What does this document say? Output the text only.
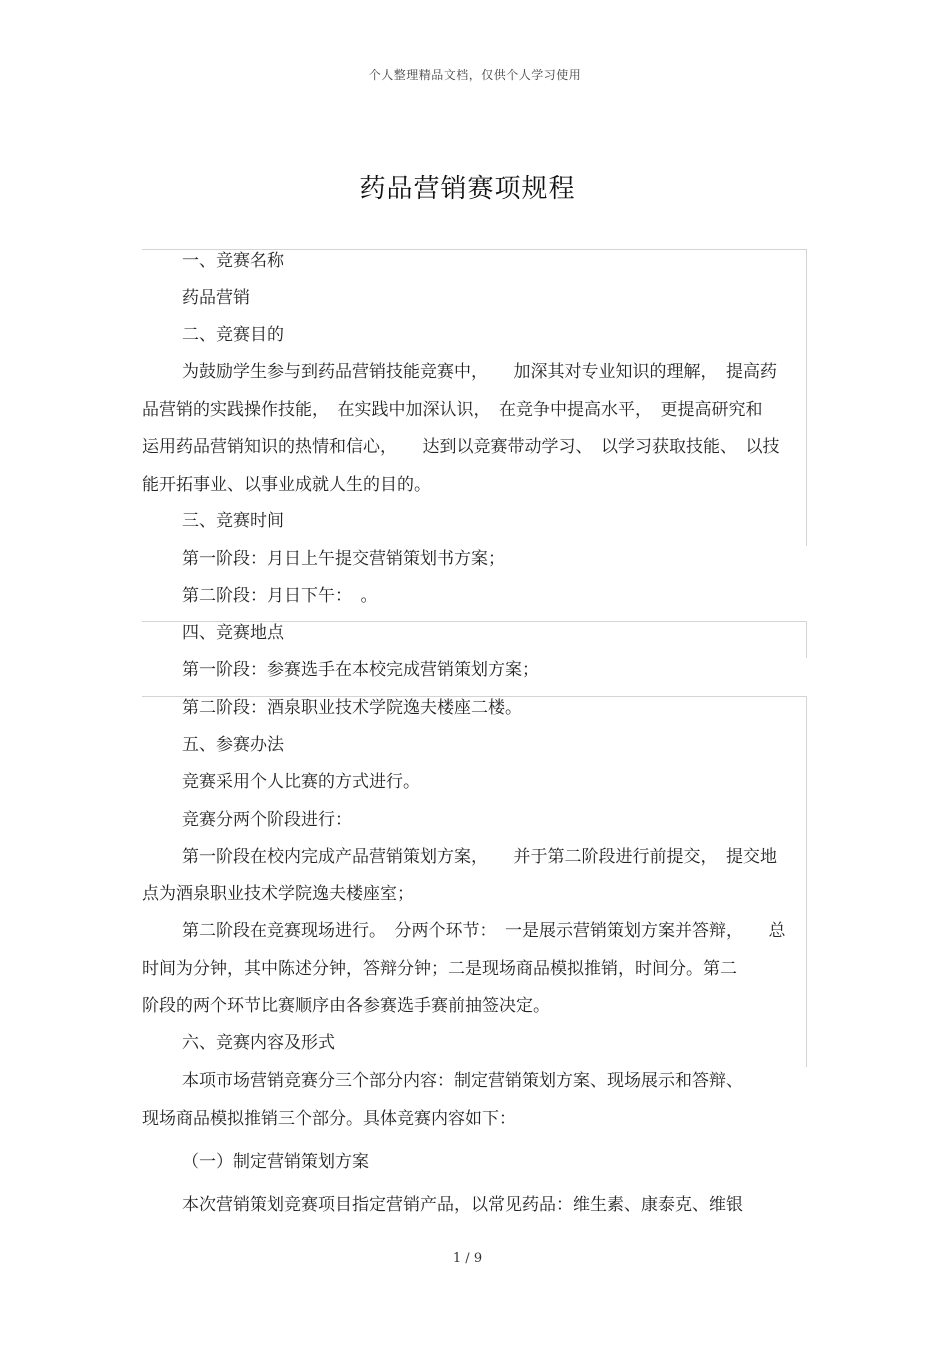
个人整理精品文档，仅供个人学习使用
药品营销赛项规程
一、竞赛名称
药品营销
二、竞赛目的
为鼓励学生参与到药品营销技能竞赛中，　　加深其对专业知识的理解，　提高药
品营销的实践操作技能，　在实践中加深认识，　在竞争中提高水平，　更提高研究和
运用药品营销知识的热情和信心，　　达到以竞赛带动学习、　以学习获取技能、　以技
能开拓事业、以事业成就人生的目的。
三、竞赛时间
第一阶段：月日上午提交营销策划书方案；
第二阶段：月日下午：　。
四、竞赛地点
第一阶段：参赛选手在本校完成营销策划方案；
第二阶段：酒泉职业技术学院逸夫楼座二楼。
五、参赛办法
竞赛采用个人比赛的方式进行。
竞赛分两个阶段进行：
第一阶段在校内完成产品营销策划方案，　　并于第二阶段进行前提交，　提交地
点为酒泉职业技术学院逸夫楼座室；
第二阶段在竞赛现场进行。　分两个环节：　一是展示营销策划方案并答辩，　　总
时间为分钟，其中陈述分钟，答辩分钟；二是现场商品模拟推销，时间分。第二
阶段的两个环节比赛顺序由各参赛选手赛前抽签决定。
六、竞赛内容及形式
本项市场营销竞赛分三个部分内容：制定营销策划方案、现场展示和答辩、
现场商品模拟推销三个部分。具体竞赛内容如下：
（一）制定营销策划方案
本次营销策划竞赛项目指定营销产品，以常见药品：维生素、康泰克、维银
1 / 9
